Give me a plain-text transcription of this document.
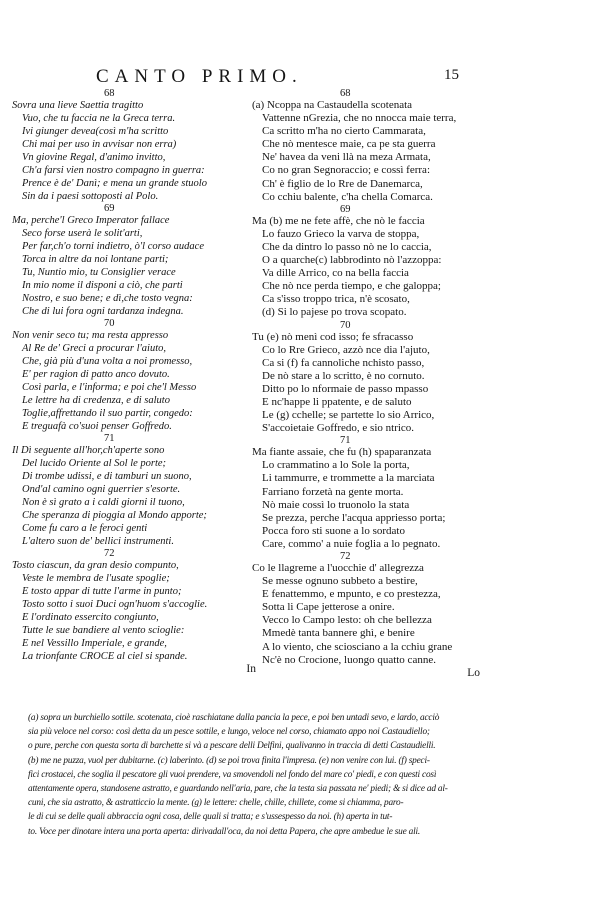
CANTO PRIMO.	15
68
Sovra una lieve Saettia tragitto
Vuo, che tu faccia ne la Greca terra.
Ivi giunger devea(così m'ha scritto
Chi mai per uso in avvisar non erra)
Vn giovine Regal, d'animo invitto,
Ch'a farsi vien nostro compagno in guerra:
Prence è de' Danì; e mena un grande stuolo
Sin da i paesi sottoposti al Polo.
69
Ma, perche'l Greco Imperator fallace
Seco forse userà le solit'arti,
Per far,ch'o torni indietro, ò'l corso audace
Torca in altre da noi lontane parti;
Tu, Nuntio mio, tu Consiglier verace
In mio nome il disponi a ciò, che parti
Nostro, e suo bene; e dì,che tosto vegna:
Che di lui fora ogni tardanza indegna.
70
Non venir seco tu; ma resta appresso
Al Re de' Greci a procurar l'aiuto,
Che, già più d'una volta a noi promesso,
E' per ragion di patto anco dovuto.
Così parla, e l'informa; e poi che'l Messo
Le lettre ha di credenza, e di saluto
Toglie,affrettando il suo partir, congedo:
E treguafà co'suoi penser Goffredo.
71
Il Dì seguente all'hor,ch'aperte sono
Del lucido Oriente al Sol le porte;
Di trombe udissi, e di tamburi un suono,
Ond'al camino ogni guerrier s'esorte.
Non è sì grato a i caldi giorni il tuono,
Che speranza di pioggia al Mondo apporte;
Come fu caro a le feroci genti
L'altero suon de' bellici instrumenti.
72
Tosto ciascun, da gran desio compunto,
Veste le membra de l'usate spoglie;
E tosto appar di tutte l'arme in punto;
Tosto sotto i suoi Duci ogn'huom s'accoglie.
E l'ordinato essercito congiunto,
Tutte le sue bandiere al vento scioglie:
E nel Vessillo Imperiale, e grande,
La trionfante CROCE al ciel si spande.
In
68
(a) Ncoppa na Castaudella scotenata
Vattenne nGrezia, che no nnocca maie terra,
Ca scritto m'ha no cierto Cammarata,
Che nò mentesce maie, ca pe sta guerra
Ne' havea da veni llà na meza Armata,
Co no gran Segnoraccio; e cossì ferra:
Ch' è figlio de lo Rre de Danemarca,
Co cchiu balente, c'ha chella Comarca.
69
Ma (b) me ne fete affè, che nò le faccia
Lo fauzo Grieco la varva de stoppa,
Che da dintro lo passo nò ne lo caccia,
O a quarche(c) labbrodinto nò l'azzoppa:
Va dille Arrico, co na bella faccia
Che nò nce perda tiempo, e che galoppa;
Ca s'isso troppo trica, n'è scosato,
(d) Si lo pajese po trova scopato.
70
Tu (e) nò menì cod isso; fe sfracasso
Co lo Rre Grieco, azzò nce dia l'ajuto,
Ca si (f) fa cannoliche nchisto passo,
De nò stare a lo scritto, è no cornuto.
Ditto po lo nformaie de passo mpasso
E nc'happe li ppatente, e de saluto
Le (g) cchelle; se partette lo sio Arrico,
S'accoietaie Goffredo, e sio ntrico.
71
Ma fiante assaie, che fu (h) spaparanzata
Lo crammatino a lo Sole la porta,
Li tammurre, e trommette a la marciata
Farriano forzetà na gente morta.
Nò maie cossì lo truonolo la stata
Se prezza, perche l'acqua appriesso porta;
Pocca foro sti suone a lo sordato
Care, commo' a nuie foglia a lo pegnato.
72
Co le llagreme a l'uocchie d' allegrezza
Se messe ognuno subbeto a bestire,
E fenattemmo, e mpunto, e co prestezza,
Sotta li Cape jetterose a onire.
Vecco lo Campo lesto: oh che bellezza
Mmedè tanta bannere ghì, e benire
A lo viento, che sciosciano a la cchiu grane
Nc'è no Crocione, luongo quatto canne.
Lo
(a) sopra un burchiello sottile. scotenata, cioè raschiatane dalla pancia la pece, e poi ben untadi sevo, e lardo, acciò
sia più veloce nel corso: così detta da un pesce sottile, e lungo, veloce nel corso, chiamato appo noi Castaudiello;
o pure, perche con questa sorta di barchette si và a pescare delli Delfini, qualivanno in traccia di detti Castaudielli.
(b) me ne puzza, vuol per dubitarne. (c) laberinto. (d) se poi trova finita l'impresa. (e) non venire con lui. (f) speci-
fici crostacei, che soglia il pescatore gli vuoi prendere, va smovendoli nel fondo del mare co' piedi, e con questi così
attentamente opera, standosene astratto, e guardando nell'aria, pare, che la testa sia passata ne' piedi; & si dice ad al-
cuni, che sia astratto, & astratticcio la mente. (g) le lettere: chelle, chille, chillete, come si chiamma, paro-
le di cui se delle quali abbraccia ogni cosa, delle quali si tratta; e s'ussespesso da noi. (h) aperta in tut-
to. Voce per dinotare intera una porta aperta: dirivadall'oca, da noi detta Papera, che apre ambedue le sue ali.
